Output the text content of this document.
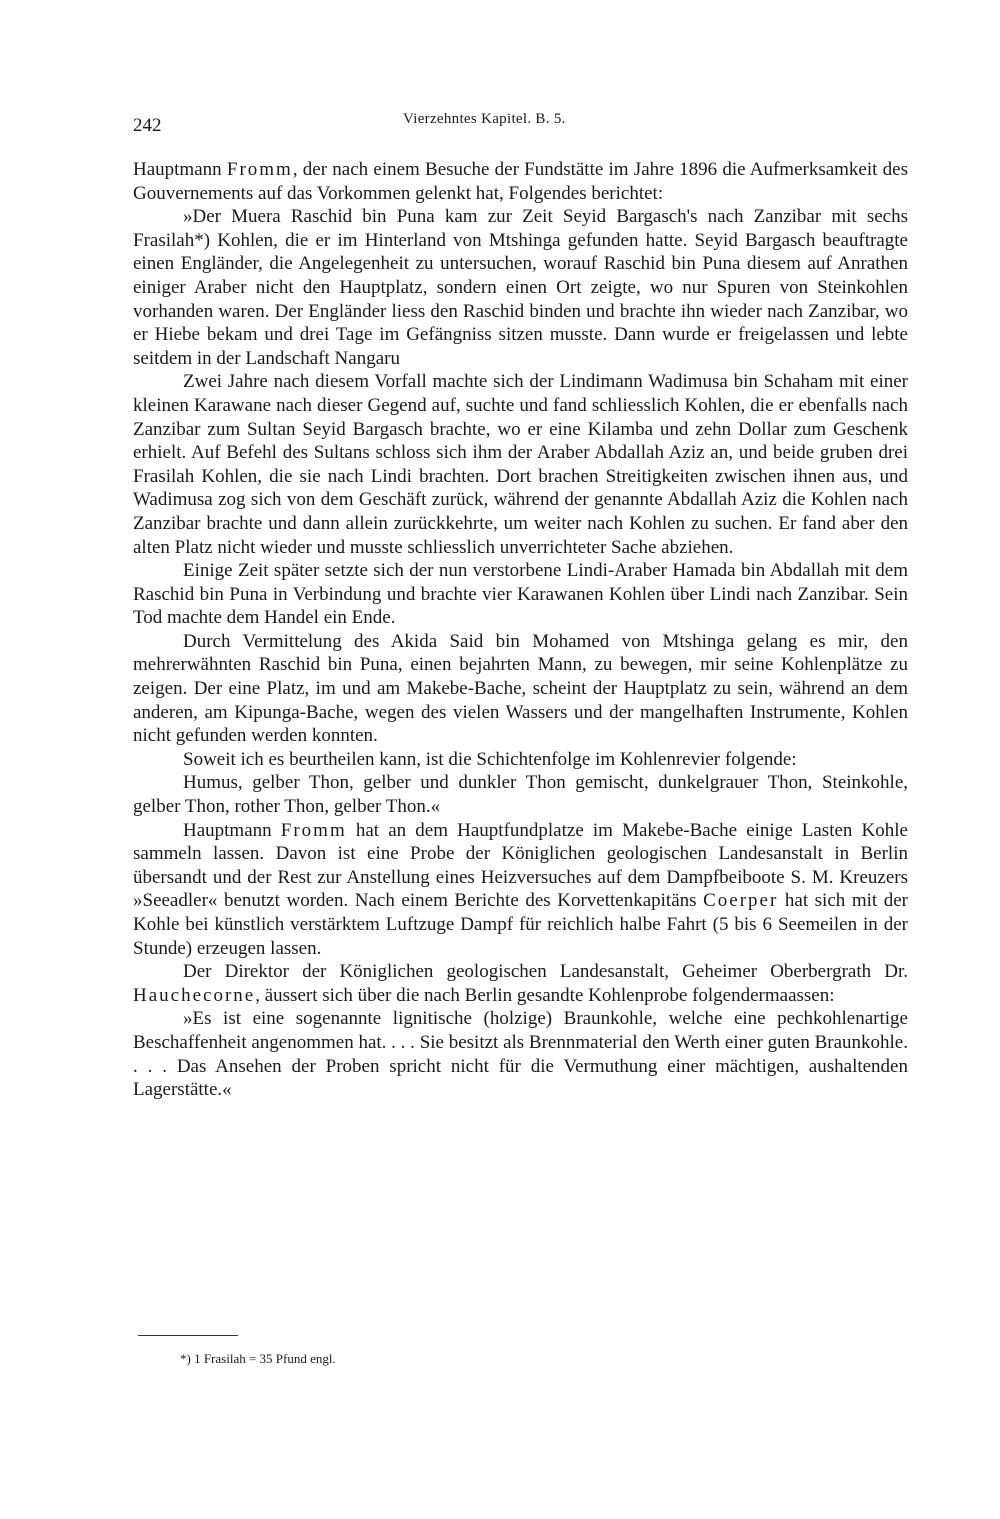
242	Vierzehntes Kapitel. B. 5.

Hauptmann Fromm, der nach einem Besuche der Fundstätte im Jahre 1896 die Aufmerksamkeit des Gouvernements auf das Vorkommen gelenkt hat, Folgendes berichtet:

»Der Muera Raschid bin Puna kam zur Zeit Seyid Bargasch's nach Zanzibar mit sechs Frasilah*) Kohlen, die er im Hinterland von Mtshinga gefunden hatte. Seyid Bargasch beauftragte einen Engländer, die Angelegenheit zu untersuchen, worauf Raschid bin Puna diesem auf Anrathen einiger Araber nicht den Hauptplatz, sondern einen Ort zeigte, wo nur Spuren von Steinkohlen vorhanden waren. Der Engländer liess den Raschid binden und brachte ihn wieder nach Zanzibar, wo er Hiebe bekam und drei Tage im Gefängniss sitzen musste. Dann wurde er freigelassen und lebte seitdem in der Landschaft Nangaru

Zwei Jahre nach diesem Vorfall machte sich der Lindimann Wadimusa bin Schaham mit einer kleinen Karawane nach dieser Gegend auf, suchte und fand schliesslich Kohlen, die er ebenfalls nach Zanzibar zum Sultan Seyid Bargasch brachte, wo er eine Kilamba und zehn Dollar zum Geschenk erhielt. Auf Befehl des Sultans schloss sich ihm der Araber Abdallah Aziz an, und beide gruben drei Frasilah Kohlen, die sie nach Lindi brachten. Dort brachen Streitigkeiten zwischen ihnen aus, und Wadimusa zog sich von dem Geschäft zurück, während der genannte Abdallah Aziz die Kohlen nach Zanzibar brachte und dann allein zurückkehrte, um weiter nach Kohlen zu suchen. Er fand aber den alten Platz nicht wieder und musste schliesslich unverrichteter Sache abziehen.

Einige Zeit später setzte sich der nun verstorbene Lindi-Araber Hamada bin Abdallah mit dem Raschid bin Puna in Verbindung und brachte vier Karawanen Kohlen über Lindi nach Zanzibar. Sein Tod machte dem Handel ein Ende.

Durch Vermittelung des Akida Said bin Mohamed von Mtshinga gelang es mir, den mehrerwähnten Raschid bin Puna, einen bejahrten Mann, zu bewegen, mir seine Kohlenplätze zu zeigen. Der eine Platz, im und am Makebe-Bache, scheint der Hauptplatz zu sein, während an dem anderen, am Kipunga-Bache, wegen des vielen Wassers und der mangelhaften Instrumente, Kohlen nicht gefunden werden konnten.

Soweit ich es beurtheilen kann, ist die Schichtenfolge im Kohlenrevier folgende:

Humus, gelber Thon, gelber und dunkler Thon gemischt, dunkelgrauer Thon, Steinkohle, gelber Thon, rother Thon, gelber Thon.«

Hauptmann Fromm hat an dem Hauptfundplatze im Makebe-Bache einige Lasten Kohle sammeln lassen. Davon ist eine Probe der Königlichen geologischen Landesanstalt in Berlin übersandt und der Rest zur Anstellung eines Heizversuches auf dem Dampfbeiboote S. M. Kreuzers »Seeadler« benutzt worden. Nach einem Berichte des Korvettenkapitäns Coerper hat sich mit der Kohle bei künstlich verstärktem Luftzuge Dampf für reichlich halbe Fahrt (5 bis 6 Seemeilen in der Stunde) erzeugen lassen.

Der Direktor der Königlichen geologischen Landesanstalt, Geheimer Oberbergrath Dr. Hauchecorne, äussert sich über die nach Berlin gesandte Kohlenprobe folgendermaassen:

»Es ist eine sogenannte lignitische (holzige) Braunkohle, welche eine pechkohlenartige Beschaffenheit angenommen hat. . . . Sie besitzt als Brennmaterial den Werth einer guten Braunkohle. . . . Das Ansehen der Proben spricht nicht für die Vermuthung einer mächtigen, aushaltenden Lagerstätte.«

*) 1 Frasilah = 35 Pfund engl.
